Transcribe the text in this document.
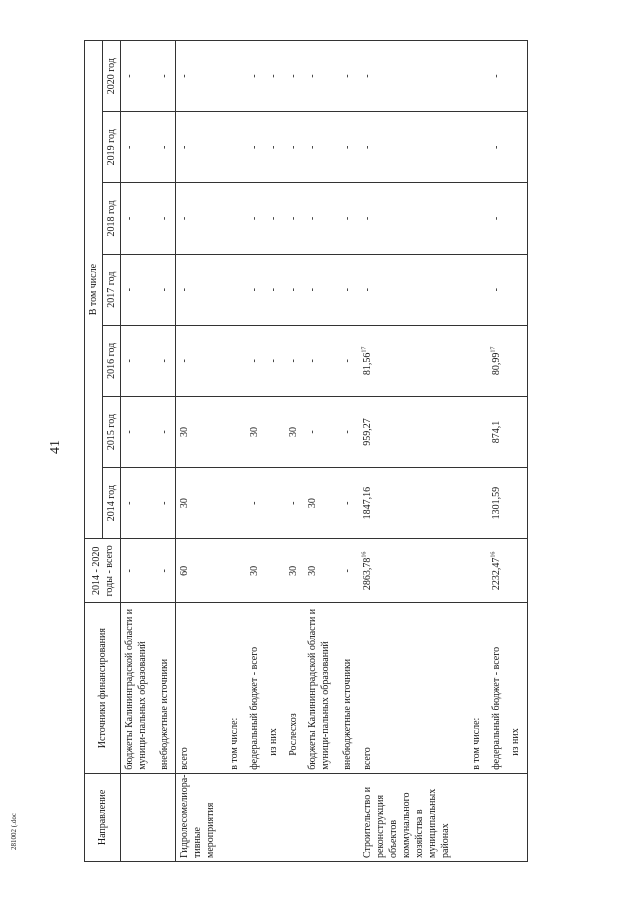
41
Направление	Источники финансирования	2014 - 2020 годы - всего	В том числе						
			2014 год	2015 год	2016 год	2017 год	2018 год	2019 год	2020 год
	бюджеты Калининградской области и муници-пальных образований	-	-	-	-	-	-	-	-
	внебюджетные источники	-	-	-	-	-	-	-	-
Гидролесомелиора-тивные мероприятия	всего	60	30	30	-	-	-	-	-
	в том числе:								
	федеральный бюджет - всего	30	-	30	-	-	-	-	-
	из них				-	-	-	-	-
	Рослесхоз	30	-	30	-	-	-	-	-
	бюджеты Калининградской области и муници-пальных образований	30	30	-	-	-	-	-	-
	внебюджетные источники	-	-	-	-	-	-	-	-
Строительство и реконструкция объектов коммунального хозяйства в муниципальных районах	всего	2863,78$^{16}$	1847,16	959,27	81,56$^{17}$	-	-	-	-
	в том числе:								
	федеральный бюджет - всего	2232,47$^{16}$	1301,59	874,1	80,99$^{17}$	-	-	-	-
	из них								
281002 (.doc
